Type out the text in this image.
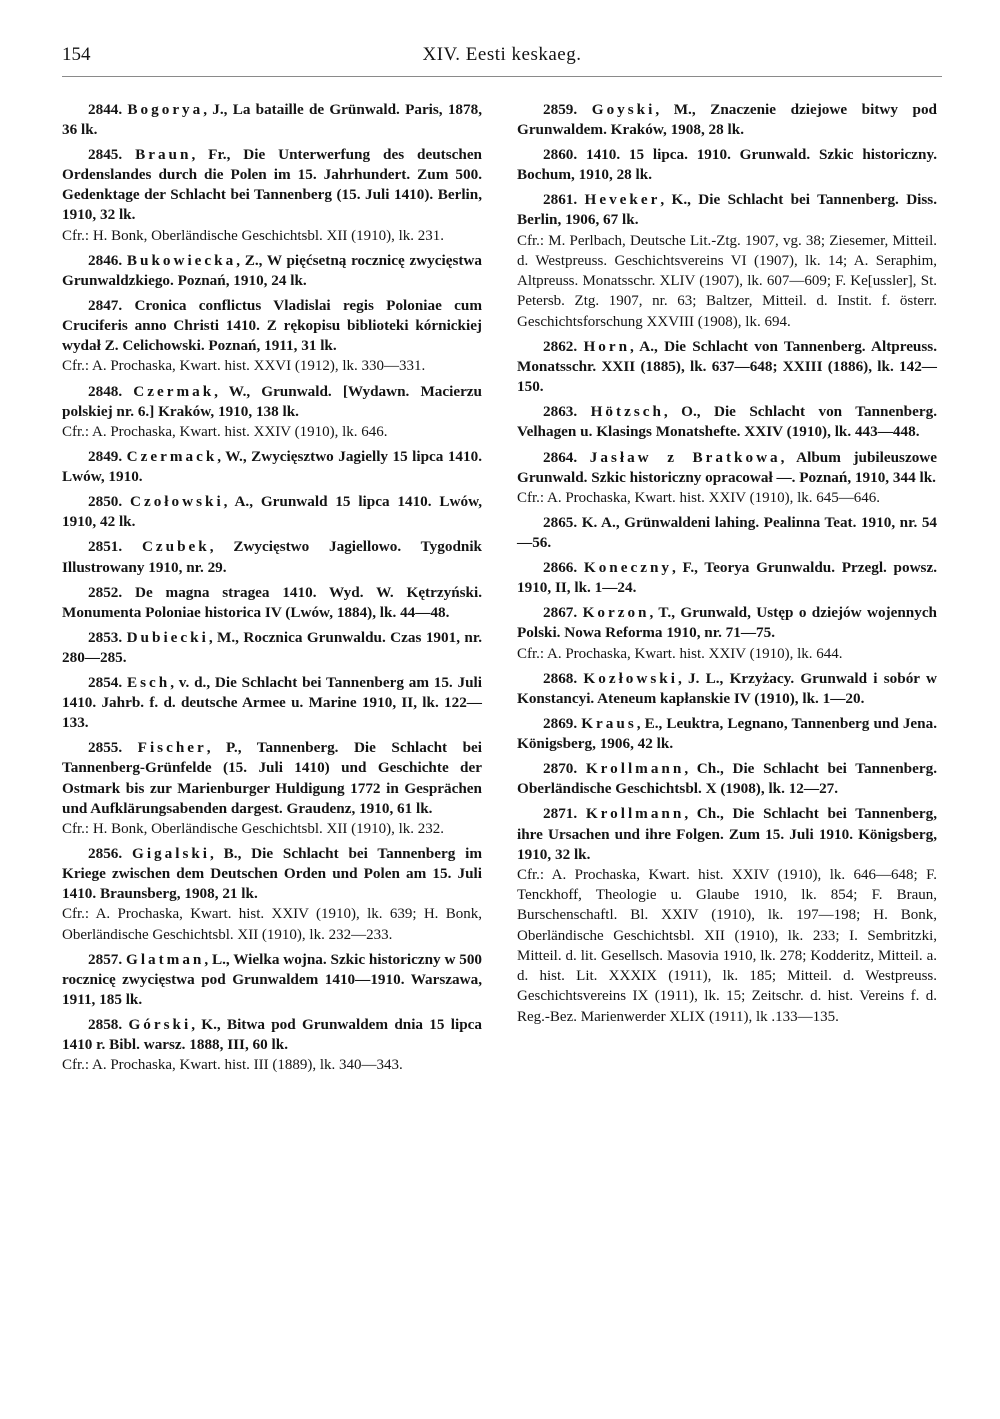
154	XIV. Eesti keskaeg.
2844. Bogorya, J., La bataille de Grünwald. Paris, 1878, 36 lk.
2845. Braun, Fr., Die Unterwerfung des deutschen Ordenslandes durch die Polen im 15. Jahrhundert. Zum 500. Gedenktage der Schlacht bei Tannenberg (15. Juli 1410). Berlin, 1910, 32 lk.
Cfr.: H. Bonk, Oberländische Geschichtsbl. XII (1910), lk. 231.
2846. Bukowiecka, Z., W pięćsetną rocznicę zwycięstwa Grunwaldzkiego. Poznań, 1910, 24 lk.
2847. Cronica conflictus Vladislai regis Poloniae cum Cruciferis anno Christi 1410. Z rękopisu biblioteki kórnickiej wydał Z. Celichowski. Poznań, 1911, 31 lk.
Cfr.: A. Prochaska, Kwart. hist. XXVI (1912), lk. 330—331.
2848. Czermak, W., Grunwald. [Wydawn. Macierzu polskiej nr. 6.] Kraków, 1910, 138 lk.
Cfr.: A. Prochaska, Kwart. hist. XXIV (1910), lk. 646.
2849. Czermack, W., Zwycięsztwo Jagielly 15 lipca 1410. Lwów, 1910.
2850. Czołowski, A., Grunwald 15 lipca 1410. Lwów, 1910, 42 lk.
2851. Czubek, Zwycięstwo Jagiellowo. Tygodnik Illustrowany 1910, nr. 29.
2852. De magna stragea 1410. Wyd. W. Kętrzyński. Monumenta Poloniae historica IV (Lwów, 1884), lk. 44—48.
2853. Dubiecki, M., Rocznica Grunwaldu. Czas 1901, nr. 280—285.
2854. Esch, v. d., Die Schlacht bei Tannenberg am 15. Juli 1410. Jahrb. f. d. deutsche Armee u. Marine 1910, II, lk. 122—133.
2855. Fischer, P., Tannenberg. Die Schlacht bei Tannenberg-Grünfelde (15. Juli 1410) und Geschichte der Ostmark bis zur Marienburger Huldigung 1772 in Gesprächen und Aufklärungsabenden dargest. Graudenz, 1910, 61 lk.
Cfr.: H. Bonk, Oberländische Geschichtsbl. XII (1910), lk. 232.
2856. Gigalski, B., Die Schlacht bei Tannenberg im Kriege zwischen dem Deutschen Orden und Polen am 15. Juli 1410. Braunsberg, 1908, 21 lk.
Cfr.: A. Prochaska, Kwart. hist. XXIV (1910), lk. 639; H. Bonk, Oberländische Geschichtsbl. XII (1910), lk. 232—233.
2857. Glatman, L., Wielka wojna. Szkic historiczny w 500 rocznicę zwycięstwa pod Grunwaldem 1410—1910. Warszawa, 1911, 185 lk.
2858. Górski, K., Bitwa pod Grunwaldem dnia 15 lipca 1410 r. Bibl. warsz. 1888, III, 60 lk.
Cfr.: A. Prochaska, Kwart. hist. III (1889), lk. 340—343.
2859. Goyski, M., Znaczenie dziejowe bitwy pod Grunwaldem. Kraków, 1908, 28 lk.
2860. 1410. 15 lipca. 1910. Grunwald. Szkic historiczny. Bochum, 1910, 28 lk.
2861. Heveker, K., Die Schlacht bei Tannenberg. Diss. Berlin, 1906, 67 lk.
Cfr.: M. Perlbach, Deutsche Lit.-Ztg. 1907, vg. 38; Ziesemer, Mitteil. d. Westpreuss. Geschichtsvereins VI (1907), lk. 14; A. Seraphim, Altpreuss. Monatsschr. XLIV (1907), lk. 607—609; F. Ke[ussler], St. Petersb. Ztg. 1907, nr. 63; Baltzer, Mitteil. d. Instit. f. österr. Geschichtsforschung XXVIII (1908), lk. 694.
2862. Horn, A., Die Schlacht von Tannenberg. Altpreuss. Monatsschr. XXII (1885), lk. 637—648; XXIII (1886), lk. 142—150.
2863. Hötzsch, O., Die Schlacht von Tannenberg. Velhagen u. Klasings Monatshefte. XXIV (1910), lk. 443—448.
2864. Jasław z Bratkowa, Album jubileuszowe Grunwald. Szkic historiczny opracował —. Poznań, 1910, 344 lk.
Cfr.: A. Prochaska, Kwart. hist. XXIV (1910), lk. 645—646.
2865. K. A., Grünwaldeni lahing. Pealinna Teat. 1910, nr. 54—56.
2866. Koneczny, F., Teorya Grunwaldu. Przegl. powsz. 1910, II, lk. 1—24.
2867. Korzon, T., Grunwald, Ustęp o dziejów wojennych Polski. Nowa Reforma 1910, nr. 71—75.
Cfr.: A. Prochaska, Kwart. hist. XXIV (1910), lk. 644.
2868. Kozłowski, J. L., Krzyżacy. Grunwald i sobór w Konstancyi. Ateneum kapłanskie IV (1910), lk. 1—20.
2869. Kraus, E., Leuktra, Legnano, Tannenberg und Jena. Königsberg, 1906, 42 lk.
2870. Krollmann, Ch., Die Schlacht bei Tannenberg. Oberländische Geschichtsbl. X (1908), lk. 12—27.
2871. Krollmann, Ch., Die Schlacht bei Tannenberg, ihre Ursachen und ihre Folgen. Zum 15. Juli 1910. Königsberg, 1910, 32 lk.
Cfr.: A. Prochaska, Kwart. hist. XXIV (1910), lk. 646—648; F. Tenckhoff, Theologie u. Glaube 1910, lk. 854; F. Braun, Burschenschaftl. Bl. XXIV (1910), lk. 197—198; H. Bonk, Oberländische Geschichtsbl. XII (1910), lk. 233; I. Sembritzki, Mitteil. d. lit. Gesellsch. Masovia 1910, lk. 278; Kodderitz, Mitteil. a. d. hist. Lit. XXXIX (1911), lk. 185; Mitteil. d. Westpreuss. Geschichtsvereins IX (1911), lk. 15; Zeitschr. d. hist. Vereins f. d. Reg.-Bez. Marienwerder XLIX (1911), lk .133—135.
